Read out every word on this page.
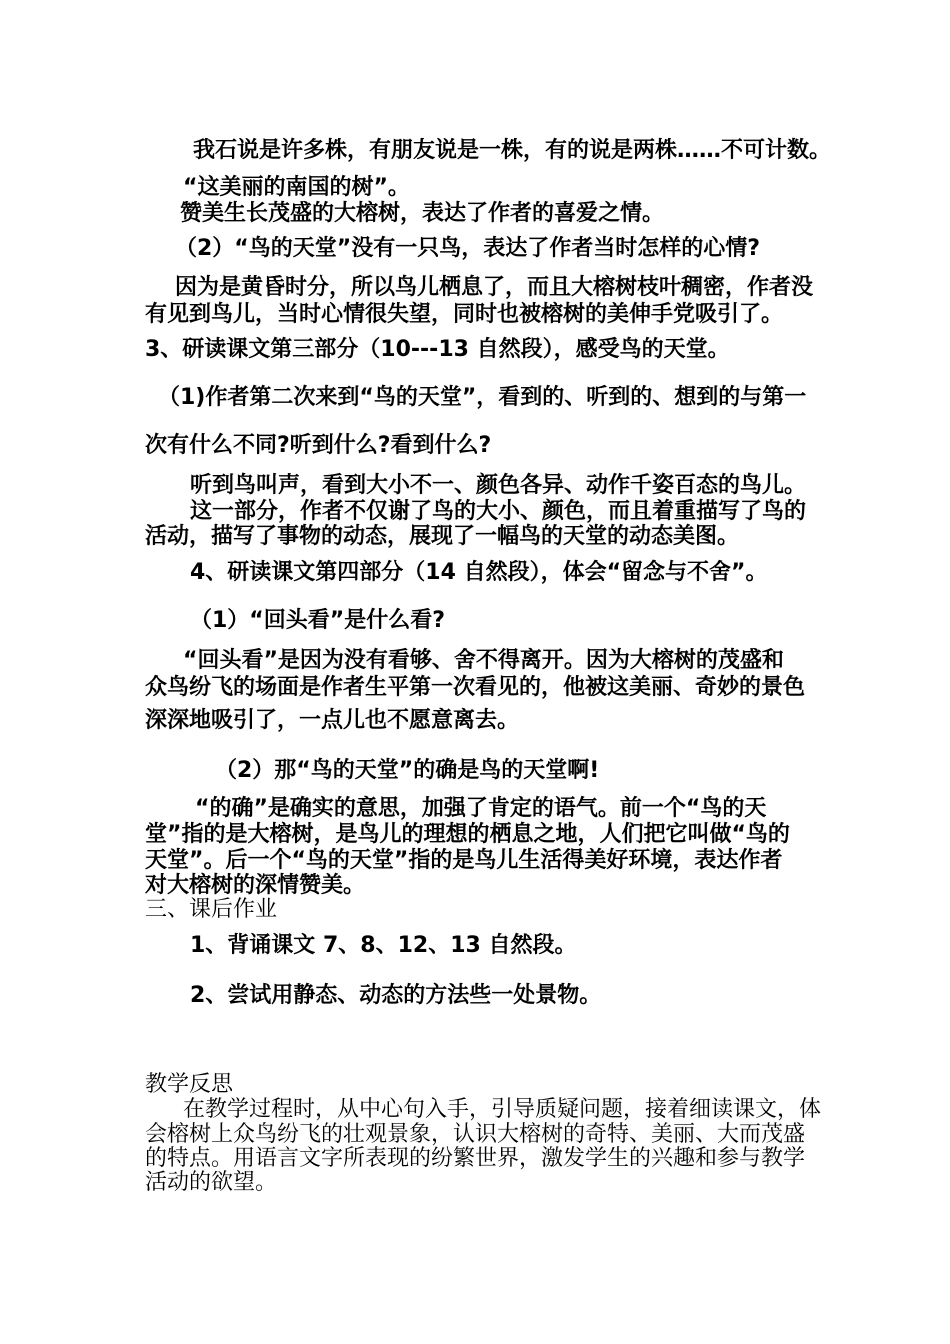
我石说是许多株，有朋友说是一株，有的说是两株……不可计数。

“这美丽的南国的树”。

赞美生长茂盛的大榕树，表达了作者的喜爱之情。

（2）“鸟的天堂”没有一只鸟，表达了作者当时怎样的心情?

因为是黄昏时分，所以鸟儿栖息了，而且大榕树枝叶稠密，作者没

有见到鸟儿，当时心情很失望，同时也被榕树的美伸手党吸引了。

3、研读课文第三部分（10---13 自然段），感受鸟的天堂。

（1)作者第二次来到“鸟的天堂”，看到的、听到的、想到的与第一

次有什么不同?听到什么?看到什么?

听到鸟叫声，看到大小不一、颜色各异、动作千姿百态的鸟儿。

这一部分，作者不仅谢了鸟的大小、颜色，而且着重描写了鸟的

活动，描写了事物的动态，展现了一幅鸟的天堂的动态美图。

4、研读课文第四部分（14 自然段），体会“留念与不舍”。

（1）“回头看”是什么看?

“回头看”是因为没有看够、舍不得离开。因为大榕树的茂盛和

众鸟纷飞的场面是作者生平第一次看见的，他被这美丽、奇妙的景色

深深地吸引了，一点儿也不愿意离去。

（2）那“鸟的天堂”的确是鸟的天堂啊!

“的确”是确实的意思，加强了肯定的语气。前一个“鸟的天

堂”指的是大榕树，是鸟儿的理想的栖息之地，人们把它叫做“鸟的

天堂”。后一个“鸟的天堂”指的是鸟儿生活得美好环境，表达作者

对大榕树的深情赞美。

三、课后作业

1、背诵课文 7、8、12、13 自然段。

2、尝试用静态、动态的方法些一处景物。

教学反思

在教学过程时，从中心句入手，引导质疑问题，接着细读课文，体

会榕树上众鸟纷飞的壮观景象，认识大榕树的奇特、美丽、大而茂盛

的特点。用语言文字所表现的纷繁世界，激发学生的兴趣和参与教学

活动的欲望。
